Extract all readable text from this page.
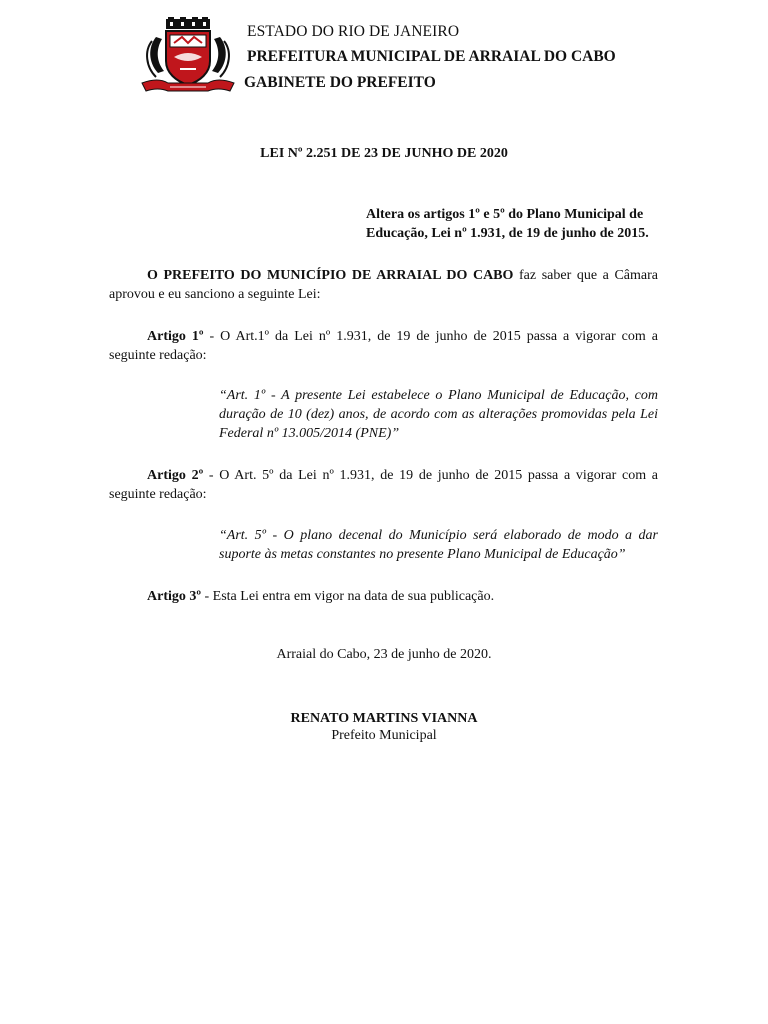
ESTADO DO RIO DE JANEIRO
PREFEITURA MUNICIPAL DE ARRAIAL DO CABO
GABINETE DO PREFEITO
LEI Nº 2.251 DE 23 DE JUNHO DE 2020
Altera os artigos 1º e 5º do Plano Municipal de Educação, Lei nº 1.931, de 19 de junho de 2015.
O PREFEITO DO MUNICÍPIO DE ARRAIAL DO CABO faz saber que a Câmara aprovou e eu sanciono a seguinte Lei:
Artigo 1º - O Art.1º da Lei nº 1.931, de 19 de junho de 2015 passa a vigorar com a seguinte redação:
“Art. 1º - A presente Lei estabelece o Plano Municipal de Educação, com duração de 10 (dez) anos, de acordo com as alterações promovidas pela Lei Federal nº 13.005/2014 (PNE)”
Artigo 2º - O Art. 5º da Lei nº 1.931, de 19 de junho de 2015 passa a vigorar com a seguinte redação:
“Art. 5º - O plano decenal do Município será elaborado de modo a dar suporte às metas constantes no presente Plano Municipal de Educação”
Artigo 3º - Esta Lei entra em vigor na data de sua publicação.
Arraial do Cabo, 23 de junho de 2020.
RENATO MARTINS VIANNA
Prefeito Municipal
